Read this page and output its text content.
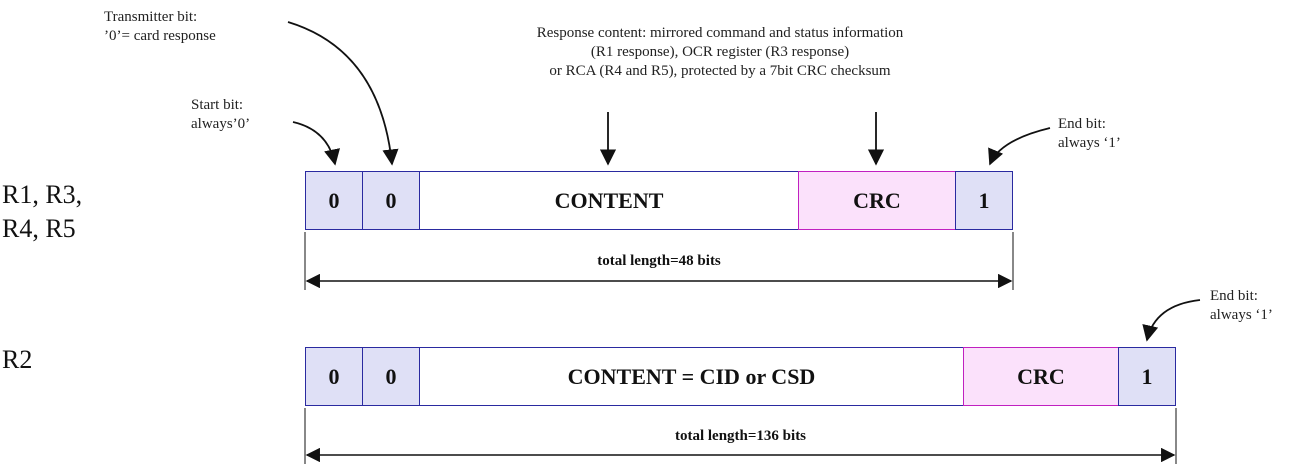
Transmitter bit:
’0’= card response
Start bit:
always’0’
Response content: mirrored command and status information
(R1 response), OCR register (R3 response)
or RCA (R4 and R5), protected by a 7bit CRC checksum
End bit:
always ‘1’
End bit:
always ‘1’
R1, R3,
R4, R5
R2
0	0	CONTENT	CRC	1
total length=48 bits
0	0	CONTENT = CID or CSD	CRC	1
total length=136 bits
